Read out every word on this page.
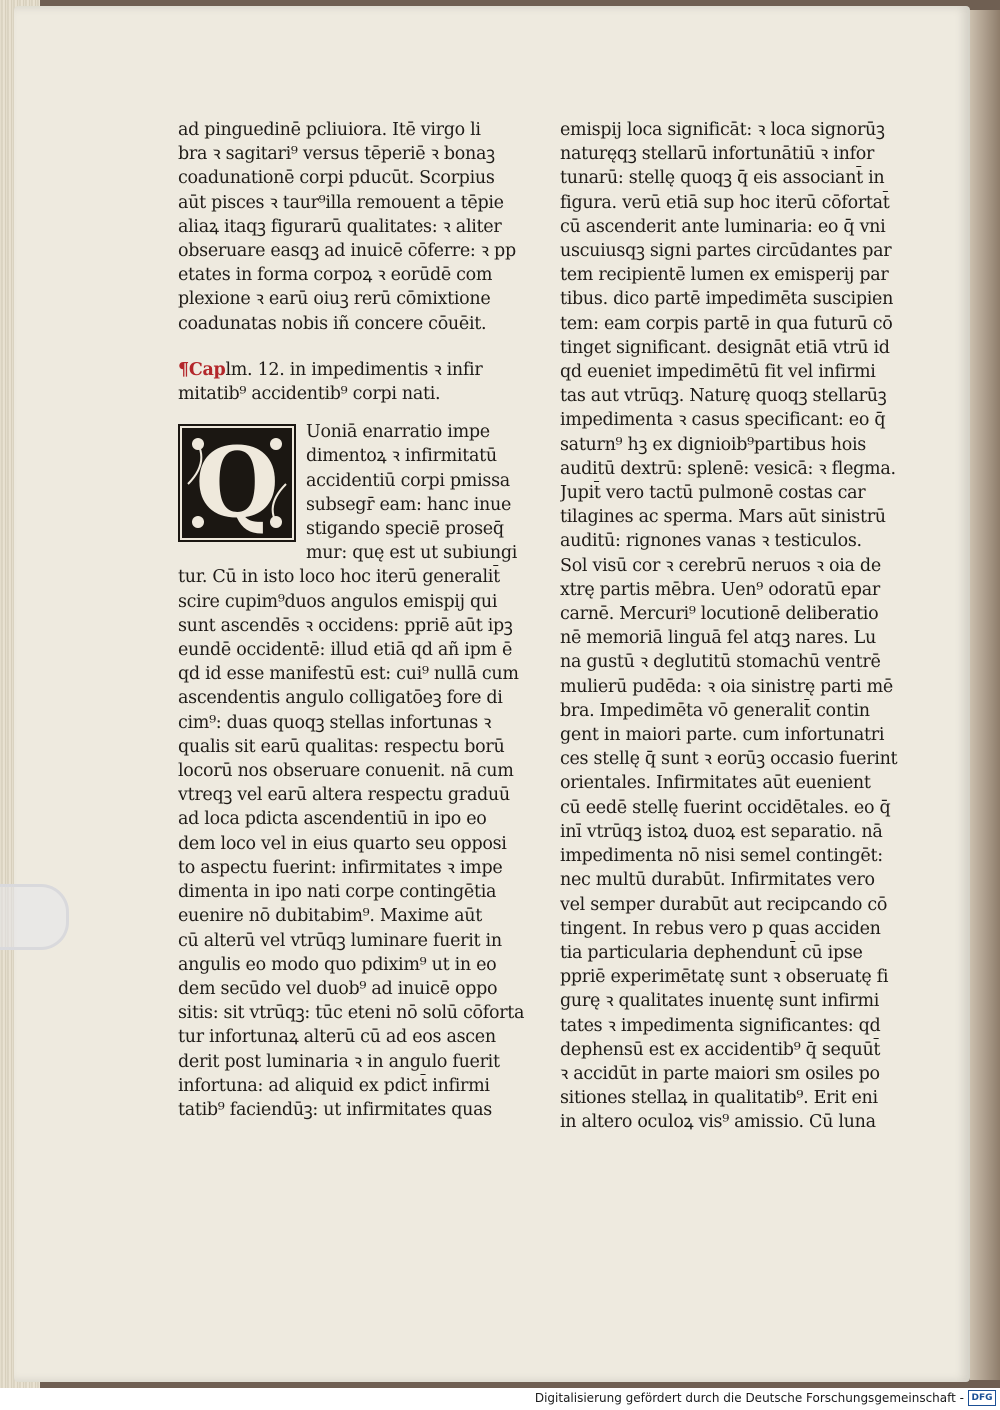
ad pinguedinē pcliuiora. Itē virgo li
bra ꝛ sagitari⁹ versus tēperiē ꝛ bonaꝫ
coadunationē corpi pducūt. Scorpius
aūt pisces ꝛ taur⁹illa remouent a tēpie
aliaꝝ itaqꝫ figurarū qualitates: ꝛ aliter
obseruare easqꝫ ad inuicē cōferre: ꝛ pp
etates in forma corpoꝝ ꝛ eorūdē com
plexione ꝛ earū oiuꝫ rerū cōmixtione
coadunatas nobis iñ concere cōuēit.
¶Caplm. 12. in impedimentis ꝛ infir
mitatib⁹ accidentib⁹ corpi nati.
Q	Uoniā enarratio impe
dimentoꝝ ꝛ infirmitatū
accidentiū corpi pmissa
subsegr̄ eam: hanc inue
stigando speciē proseq̄
mur: quę est ut subiungi
tur. Cū in isto loco hoc iterū generalit̄
scire cupim⁹duos angulos emispij qui
sunt ascendēs ꝛ occidens: ppriē aūt ipꝫ
eundē occidentē: illud etiā qd añ ipm ē
qd id esse manifestū est: cui⁹ nullā cum
ascendentis angulo colligatōeꝫ fore di
cim⁹: duas quoqꝫ stellas infortunas ꝛ
qualis sit earū qualitas: respectu borū
locorū nos obseruare conuenit. nā cum
vtreqꝫ vel earū altera respectu graduū
ad loca pdicta ascendentiū in ipo eo
dem loco vel in eius quarto seu opposi
to aspectu fuerint: infirmitates ꝛ impe
dimenta in ipo nati corpe contingētia
euenire nō dubitabim⁹. Maxime aūt
cū alterū vel vtrūqꝫ luminare fuerit in
angulis eo modo quo pdixim⁹ ut in eo
dem secūdo vel duob⁹ ad inuicē oppo
sitis: sit vtrūqꝫ: tūc eteni nō solū cōforta
tur infortunaꝝ alterū cū ad eos ascen
derit post luminaria ꝛ in angulo fuerit
infortuna: ad aliquid ex pdict̄ infirmi
tatib⁹ faciendūꝫ: ut infirmitates quas
emispij loca significāt: ꝛ loca signorūꝫ
naturęqꝫ stellarū infortunātiū ꝛ infor
tunarū: stellę quoqꝫ q̄ eis associant̄ in
figura. verū etiā sup hoc iterū cōfortat̄
cū ascenderit ante luminaria: eo q̄ vni
uscuiusqꝫ signi partes circūdantes par
tem recipientē lumen ex emisperij par
tibus. dico partē impedimēta suscipien
tem: eam corpis partē in qua futurū cō
tinget significant. designāt etiā vtrū id
qd eueniet impedimētū fit vel infirmi
tas aut vtrūqꝫ. Naturę quoqꝫ stellarūꝫ
impedimenta ꝛ casus specificant: eo q̄
saturn⁹ hꝫ ex dignioib⁹partibus hois
auditū dextrū: splenē: vesicā: ꝛ flegma.
Jupit̄ vero tactū pulmonē costas car
tilagines ac sperma. Mars aūt sinistrū
auditū: rignones vanas ꝛ testiculos.
Sol visū cor ꝛ cerebrū neruos ꝛ oia de
xtrę partis mēbra. Uen⁹ odoratū epar
carnē. Mercuri⁹ locutionē deliberatio
nē memoriā linguā fel atqꝫ nares. Lu
na gustū ꝛ deglutitū stomachū ventrē
mulierū pudēda: ꝛ oia sinistrę parti mē
bra. Impedimēta vō generalit̄ contin
gent in maiori parte. cum infortunatri
ces stellę q̄ sunt ꝛ eorūꝫ occasio fuerint
orientales. Infirmitates aūt euenient
cū eedē stellę fuerint occidētales. eo q̄
inī vtrūqꝫ istoꝝ duoꝝ est separatio. nā
impedimenta nō nisi semel contingēt:
nec multū durabūt. Infirmitates vero
vel semper durabūt aut recipcando cō
tingent. In rebus vero p quas acciden
tia particularia dephendunt̄ cū ipse
ppriē experimētatę sunt ꝛ obseruatę fi
gurę ꝛ qualitates inuentę sunt infirmi
tates ꝛ impedimenta significantes: qd
dephensū est ex accidentib⁹ q̄ sequūt̄
ꝛ accidūt in parte maiori sm osiles po
sitiones stellaꝝ in qualitatib⁹. Erit eni
in altero oculoꝝ vis⁹ amissio. Cū luna
Digitalisierung gefördert durch die Deutsche Forschungsgemeinschaft - DFG
